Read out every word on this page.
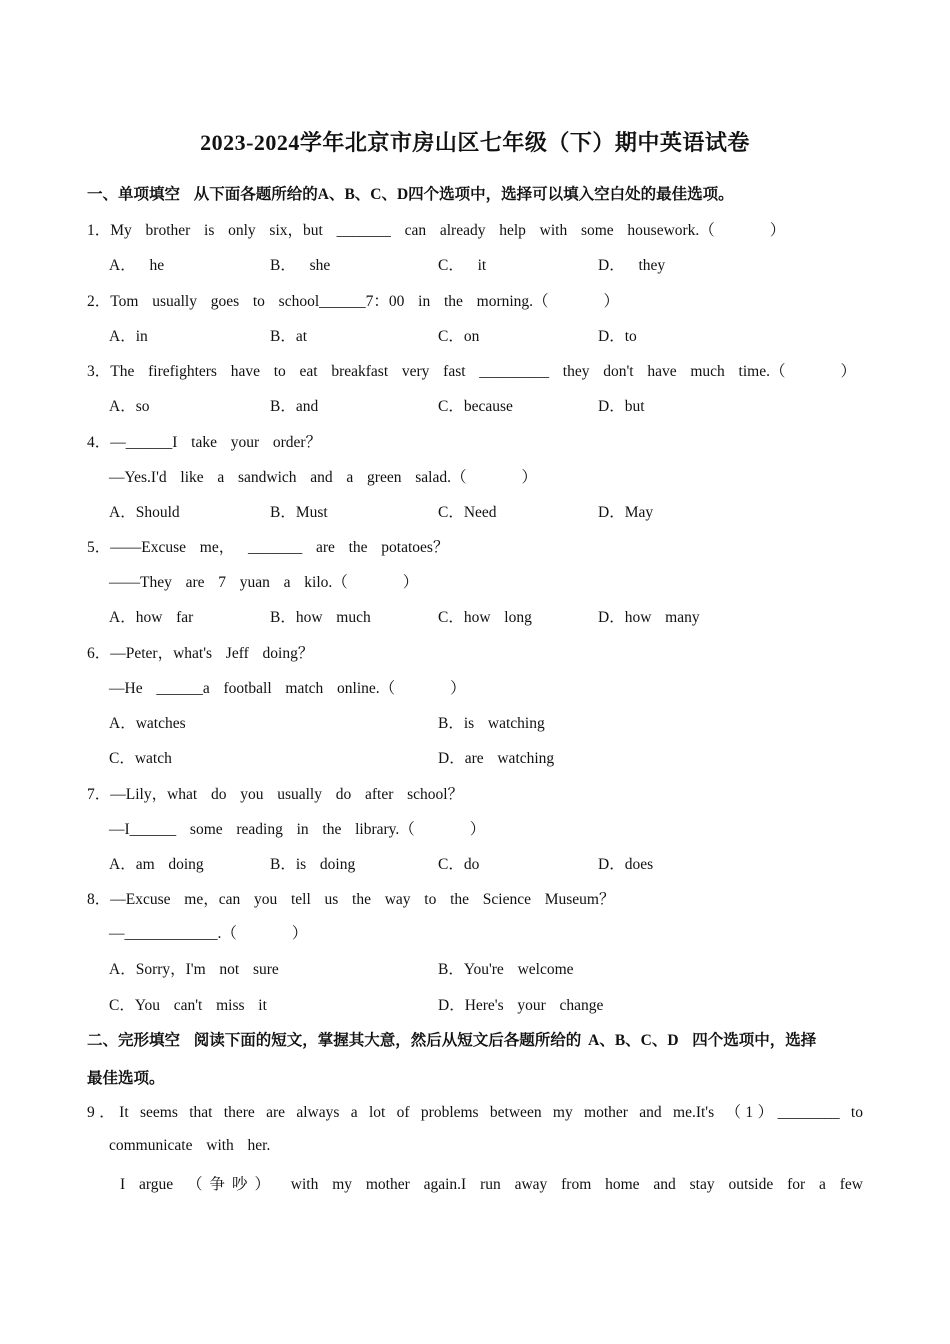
2023-2024学年北京市房山区七年级（下）期中英语试卷
一、单项填空  从下面各题所给的A、B、C、D四个选项中，选择可以填入空白处的最佳选项。
1．My  brother  is  only  six，but  _______  can  already  help  with  some  housework.（        ）
A．  he	B．  she	C．  it	D．  they
2．Tom  usually  goes  to  school______7：00  in  the  morning.（        ）
A．in	B．at	C．on	D．to
3．The  firefighters  have  to  eat  breakfast  very  fast  _________  they  don't  have  much  time.（        ）
A．so	B．and	C．because	D．but
4．—______I  take  your  order？
—Yes.I'd  like  a  sandwich  and  a  green  salad.（        ）
A．Should	B．Must	C．Need	D．May
5．——Excuse  me，  _______  are  the  potatoes？
——They  are  7  yuan  a  kilo.（        ）
A．how  far	B．how  much	C．how  long	D．how  many
6．—Peter，what's  Jeff  doing？
—He  ______a  football  match  online.（        ）
A．watches	B．is  watching
C．watch	D．are  watching
7．—Lily，what  do  you  usually  do  after  school？
—I______  some  reading  in  the  library.（        ）
A．am  doing	B．is  doing	C．do	D．does
8．—Excuse  me，can  you  tell  us  the  way  to  the  Science  Museum？
—____________.（        ）
A．Sorry，I'm  not  sure	B．You're  welcome
C．You  can't  miss  it	D．Here's  your  change
二、完形填空  阅读下面的短文，掌握其大意，然后从短文后各题所给的 A、B、C、D  四个选项中，选择
最佳选项。
9．It seems that there are always a lot of problems between my mother and me.It's （1）________ to
communicate  with  her.
I argue （争吵） with my mother again.I run away from home and stay outside for a few
